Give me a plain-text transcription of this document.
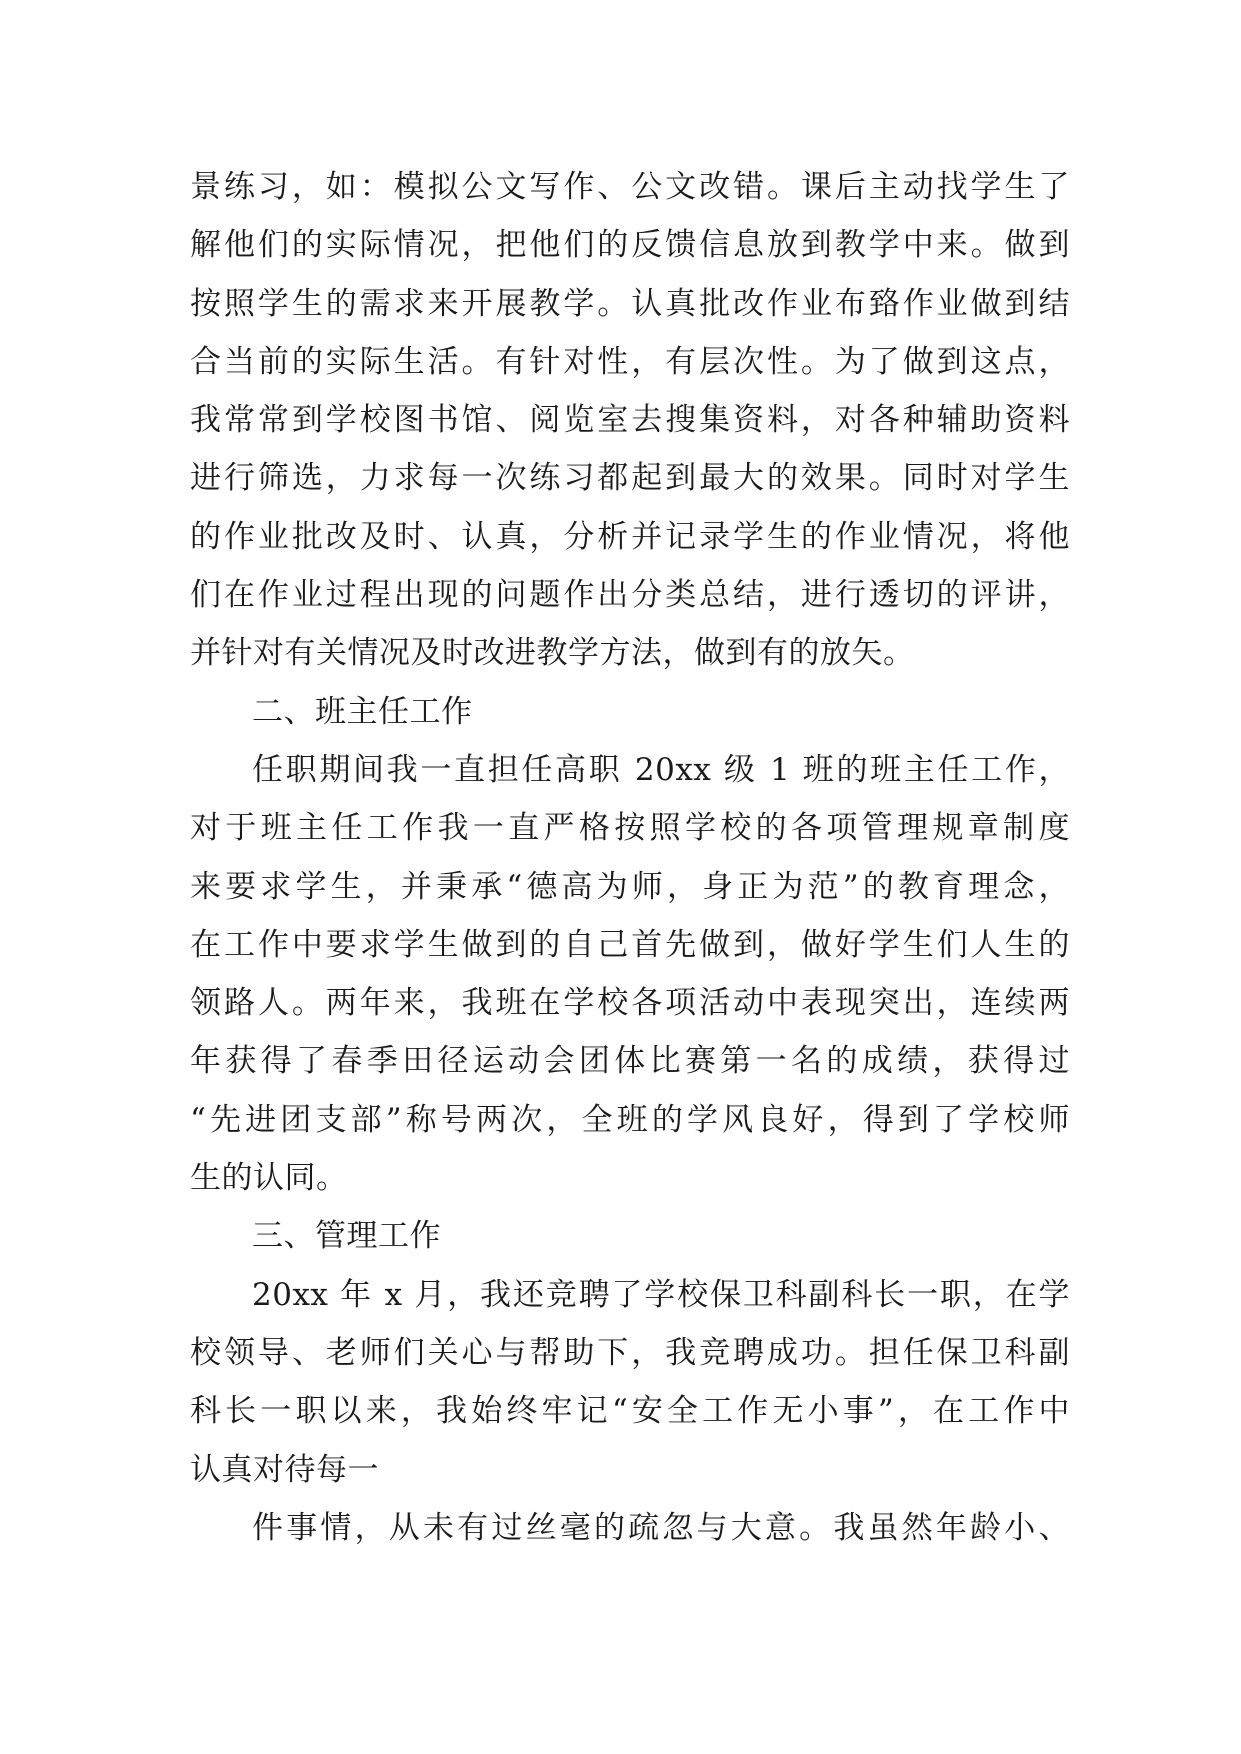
景练习，如：模拟公文写作、公文改错。课后主动找学生了
解他们的实际情况，把他们的反馈信息放到教学中来。做到
按照学生的需求来开展教学。认真批改作业布臵作业做到结
合当前的实际生活。有针对性，有层次性。为了做到这点，
我常常到学校图书馆、阅览室去搜集资料，对各种辅助资料
进行筛选，力求每一次练习都起到最大的效果。同时对学生
的作业批改及时、认真，分析并记录学生的作业情况，将他
们在作业过程出现的问题作出分类总结，进行透切的评讲，
并针对有关情况及时改进教学方法，做到有的放矢。
二、班主任工作
任职期间我一直担任高职 20xx 级 1 班的班主任工作，
对于班主任工作我一直严格按照学校的各项管理规章制度
来要求学生，并秉承“德高为师，身正为范”的教育理念，
在工作中要求学生做到的自己首先做到，做好学生们人生的
领路人。两年来，我班在学校各项活动中表现突出，连续两
年获得了春季田径运动会团体比赛第一名的成绩，获得过
“先进团支部”称号两次，全班的学风良好，得到了学校师
生的认同。
三、管理工作
20xx 年 x 月，我还竞聘了学校保卫科副科长一职，在学
校领导、老师们关心与帮助下，我竞聘成功。担任保卫科副
科长一职以来，我始终牢记“安全工作无小事”，在工作中
认真对待每一
件事情，从未有过丝毫的疏忽与大意。我虽然年龄小、
